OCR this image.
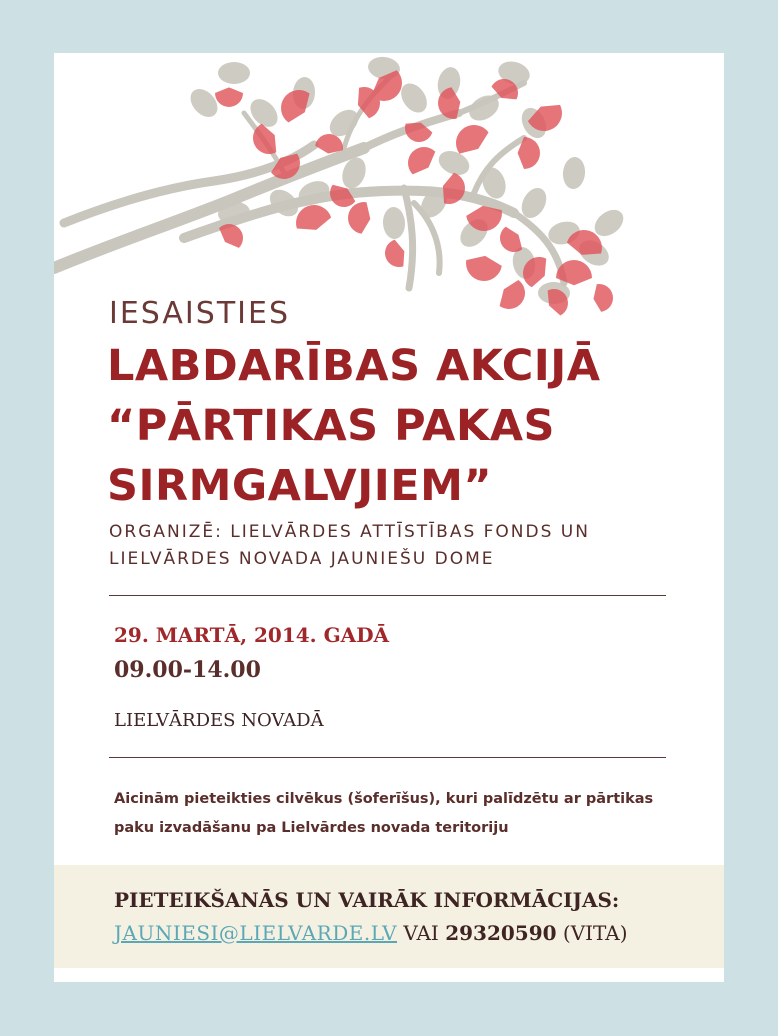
IESAISTIES
LABDARĪBAS AKCIJĀ
“PĀRTIKAS PAKAS
SIRMGALVJIEM”
ORGANIZĒ: LIELVĀRDES ATTĪSTĪBAS FONDS UN
LIELVĀRDES NOVADA JAUNIEŠU DOME
29. MARTĀ, 2014. GADĀ
09.00-14.00
LIELVĀRDES NOVADĀ
Aicinām pieteikties cilvēkus (šoferīšus), kuri palīdzētu ar pārtikas
paku izvadāšanu pa Lielvārdes novada teritoriju
PIETEIKŠANĀS UN VAIRĀK INFORMĀCIJAS:
JAUNIESI@LIELVARDE.LV VAI 29320590 (VITA)
